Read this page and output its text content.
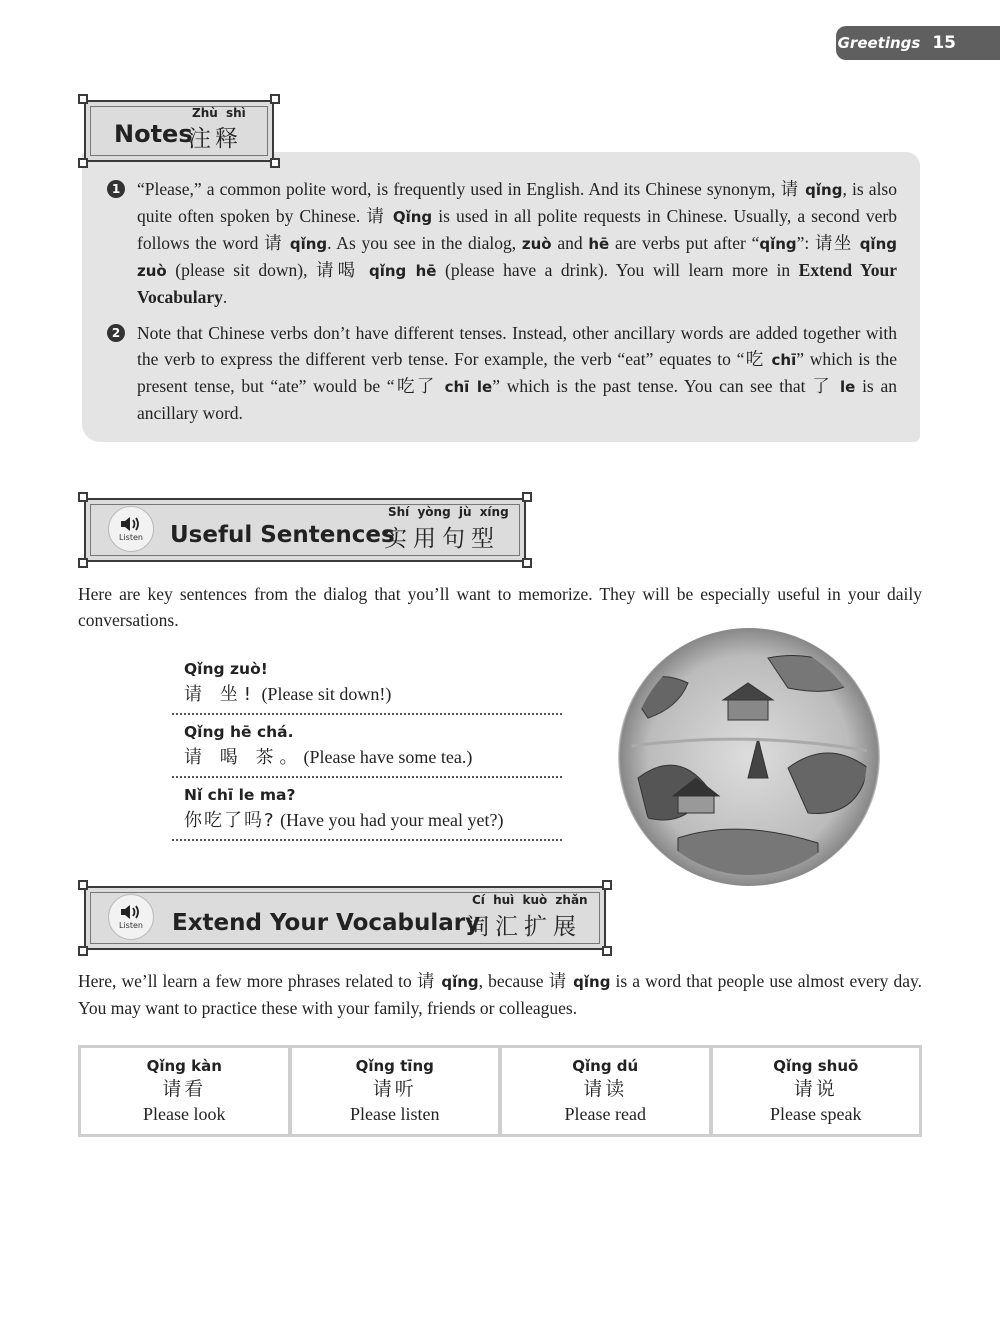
Greetings 15
Zhù shì
Notes
注释
1 “Please,” a common polite word, is frequently used in English. And its Chinese synonym, 请 qǐng, is also quite often spoken by Chinese. 请 Qǐng is used in all polite requests in Chinese. Usually, a second verb follows the word 请 qǐng. As you see in the dialog, zuò and hē are verbs put after “qǐng”: 请坐 qǐng zuò (please sit down), 请喝 qǐng hē (please have a drink). You will learn more in Extend Your Vocabulary.
2 Note that Chinese verbs don’t have different tenses. Instead, other ancillary words are added together with the verb to express the different verb tense. For example, the verb “eat” equates to “吃 chī” which is the present tense, but “ate” would be “吃了 chī le” which is the past tense. You can see that 了 le is an ancillary word.
Listen
Shí yòng jù xíng
Useful Sentences
实用句型
Here are key sentences from the dialog that you’ll want to memorize. They will be especially useful in your daily conversations.
Qǐng zuò!
请 坐! (Please sit down!)
Qǐng hē chá.
请 喝 茶。(Please have some tea.)
Nǐ chī le ma?
你吃了吗? (Have you had your meal yet?)
Listen
Cí huì kuò zhǎn
Extend Your Vocabulary
词汇扩展
Here, we’ll learn a few more phrases related to 请 qǐng, because 请 qǐng is a word that people use almost every day. You may want to practice these with your family, friends or colleagues.
Qǐng kàn
请看
Please look
Qǐng tīng
请听
Please listen
Qǐng dú
请读
Please read
Qǐng shuō
请说
Please speak
